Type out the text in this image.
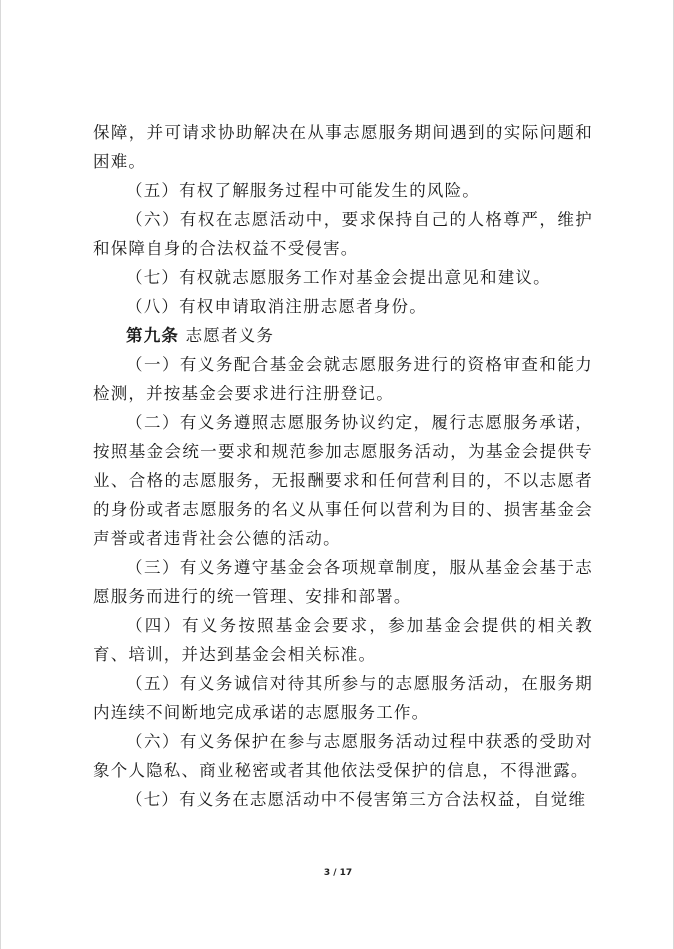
保障，并可请求协助解决在从事志愿服务期间遇到的实际问题和困难。

（五）有权了解服务过程中可能发生的风险。

（六）有权在志愿活动中，要求保持自己的人格尊严，维护和保障自身的合法权益不受侵害。

（七）有权就志愿服务工作对基金会提出意见和建议。

（八）有权申请取消注册志愿者身份。

第九条 志愿者义务

（一）有义务配合基金会就志愿服务进行的资格审查和能力检测，并按基金会要求进行注册登记。

（二）有义务遵照志愿服务协议约定，履行志愿服务承诺，按照基金会统一要求和规范参加志愿服务活动，为基金会提供专业、合格的志愿服务，无报酬要求和任何营利目的，不以志愿者的身份或者志愿服务的名义从事任何以营利为目的、损害基金会声誉或者违背社会公德的活动。

（三）有义务遵守基金会各项规章制度，服从基金会基于志愿服务而进行的统一管理、安排和部署。

（四）有义务按照基金会要求，参加基金会提供的相关教育、培训，并达到基金会相关标准。

（五）有义务诚信对待其所参与的志愿服务活动，在服务期内连续不间断地完成承诺的志愿服务工作。

（六）有义务保护在参与志愿服务活动过程中获悉的受助对象个人隐私、商业秘密或者其他依法受保护的信息，不得泄露。

（七）有义务在志愿活动中不侵害第三方合法权益，自觉维

3 / 17
